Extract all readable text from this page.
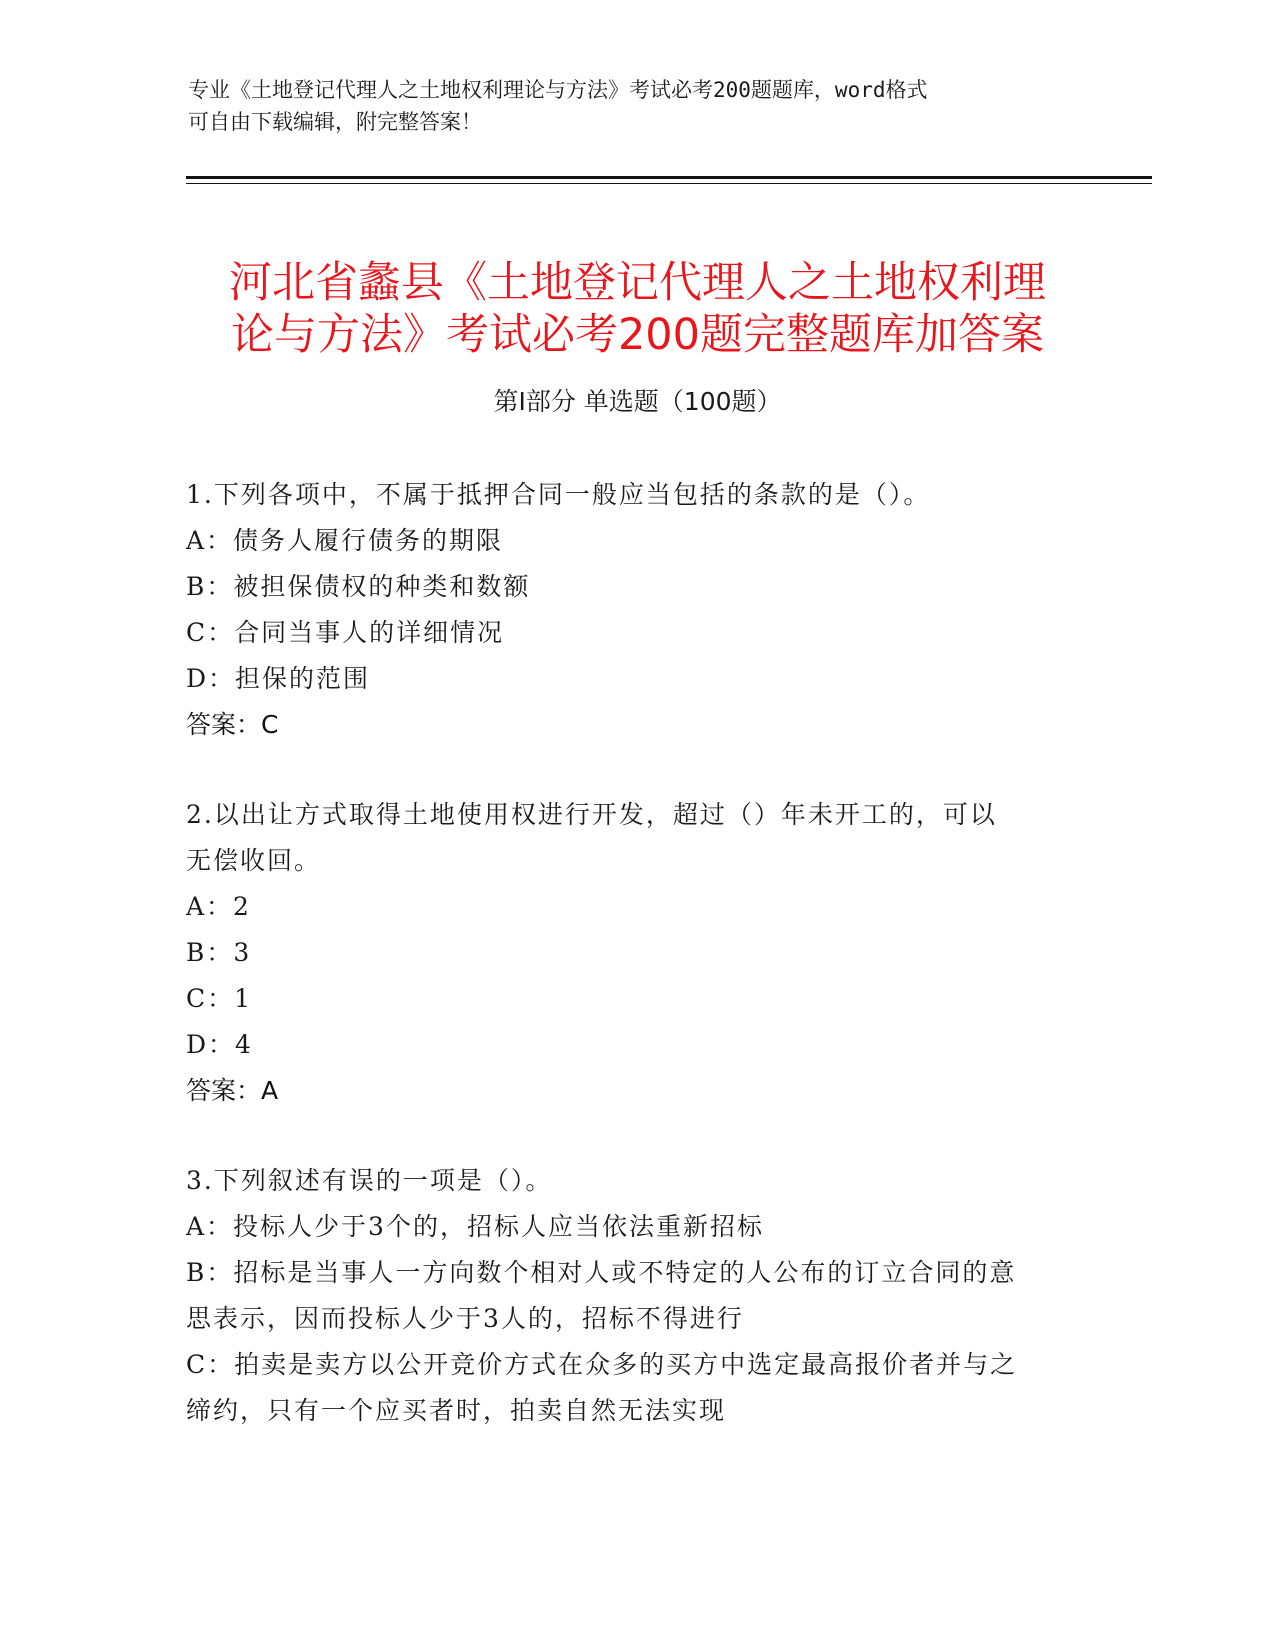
专业《土地登记代理人之土地权利理论与方法》考试必考200题题库，word格式
可自由下载编辑，附完整答案！
河北省蠡县《土地登记代理人之土地权利理
论与方法》考试必考200题完整题库加答案
第Ⅰ部分 单选题（100题）

1.下列各项中，不属于抵押合同一般应当包括的条款的是（）。

A：债务人履行债务的期限

B：被担保债权的种类和数额

C：合同当事人的详细情况

D：担保的范围

答案：C

2.以出让方式取得土地使用权进行开发，超过（）年未开工的，可以

无偿收回。

A：2

B：3

C：1

D：4

答案：A

3.下列叙述有误的一项是（）。

A：投标人少于3个的，招标人应当依法重新招标

B：招标是当事人一方向数个相对人或不特定的人公布的订立合同的意

思表示，因而投标人少于3人的，招标不得进行

C：拍卖是卖方以公开竞价方式在众多的买方中选定最高报价者并与之

缔约，只有一个应买者时，拍卖自然无法实现
